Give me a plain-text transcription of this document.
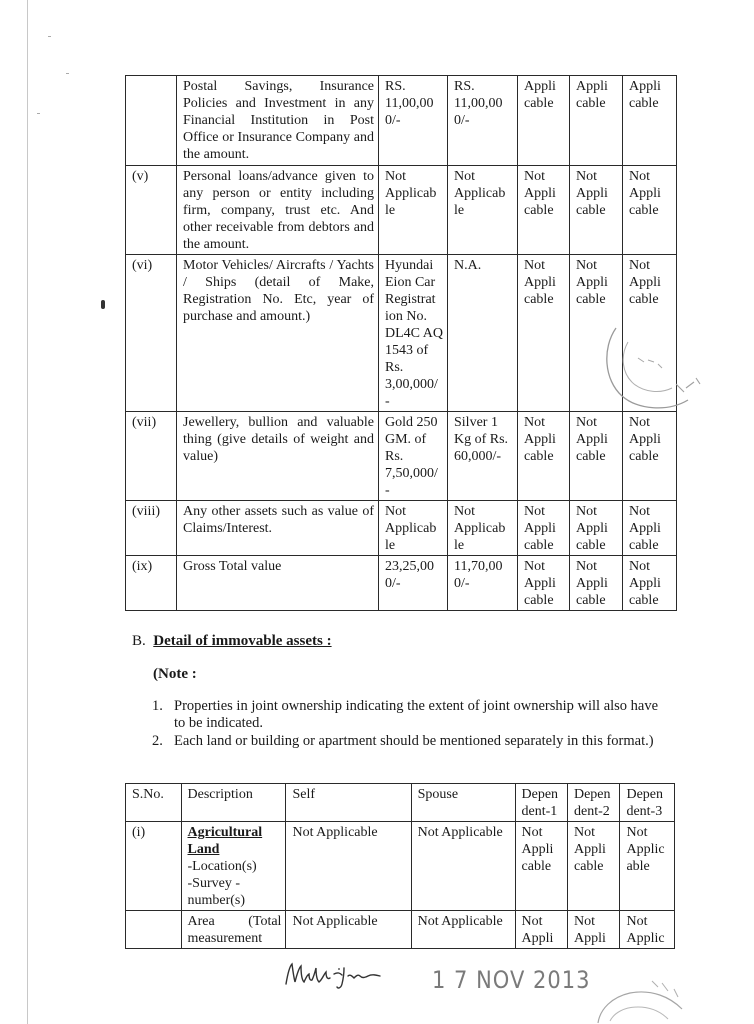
	Postal Savings, Insurance Policies and Investment in any Financial Institution in Post Office or Insurance Company and the amount.	RS. 11,00,00 0/-	RS. 11,00,00 0/-	Appli cable	Appli cable	Appli cable
(v)	Personal loans/advance given to any person or entity including firm, company, trust etc. And other receivable from debtors and the amount.	Not Applicab le	Not Applicab le	Not Appli cable	Not Appli cable	Not Appli cable
(vi)	Motor Vehicles/ Aircrafts / Yachts / Ships (detail of Make, Registration No. Etc, year of purchase and amount.)	Hyundai Eion Car Registrat ion No. DL4C AQ 1543 of Rs. 3,00,000/ -	N.A.	Not Appli cable	Not Appli cable	Not Appli cable
(vii)	Jewellery, bullion and valuable thing (give details of weight and value)	Gold 250 GM. of Rs. 7,50,000/ -	Silver 1 Kg of Rs. 60,000/-	Not Appli cable	Not Appli cable	Not Appli cable
(viii)	Any other assets such as value of Claims/Interest.	Not Applicab le	Not Applicab le	Not Appli cable	Not Appli cable	Not Appli cable
(ix)	Gross Total value	23,25,00 0/-	11,70,00 0/-	Not Appli cable	Not Appli cable	Not Appli cable
B. Detail of immovable assets :
(Note :
1. Properties in joint ownership indicating the extent of joint ownership will also have to be indicated.
2. Each land or building or apartment should be mentioned separately in this format.)
S.No.	Description	Self	Spouse	Depen dent-1	Depen dent-2	Depen dent-3
(i)	Agricultural Land
-Location(s)
-Survey -number(s)	Not Applicable	Not Applicable	Not Appli cable	Not Appli cable	Not Applic able
	Area (Total measurement	Not Applicable	Not Applicable	Not Appli	Not Appli	Not Applic
1 7 NOV 2013
